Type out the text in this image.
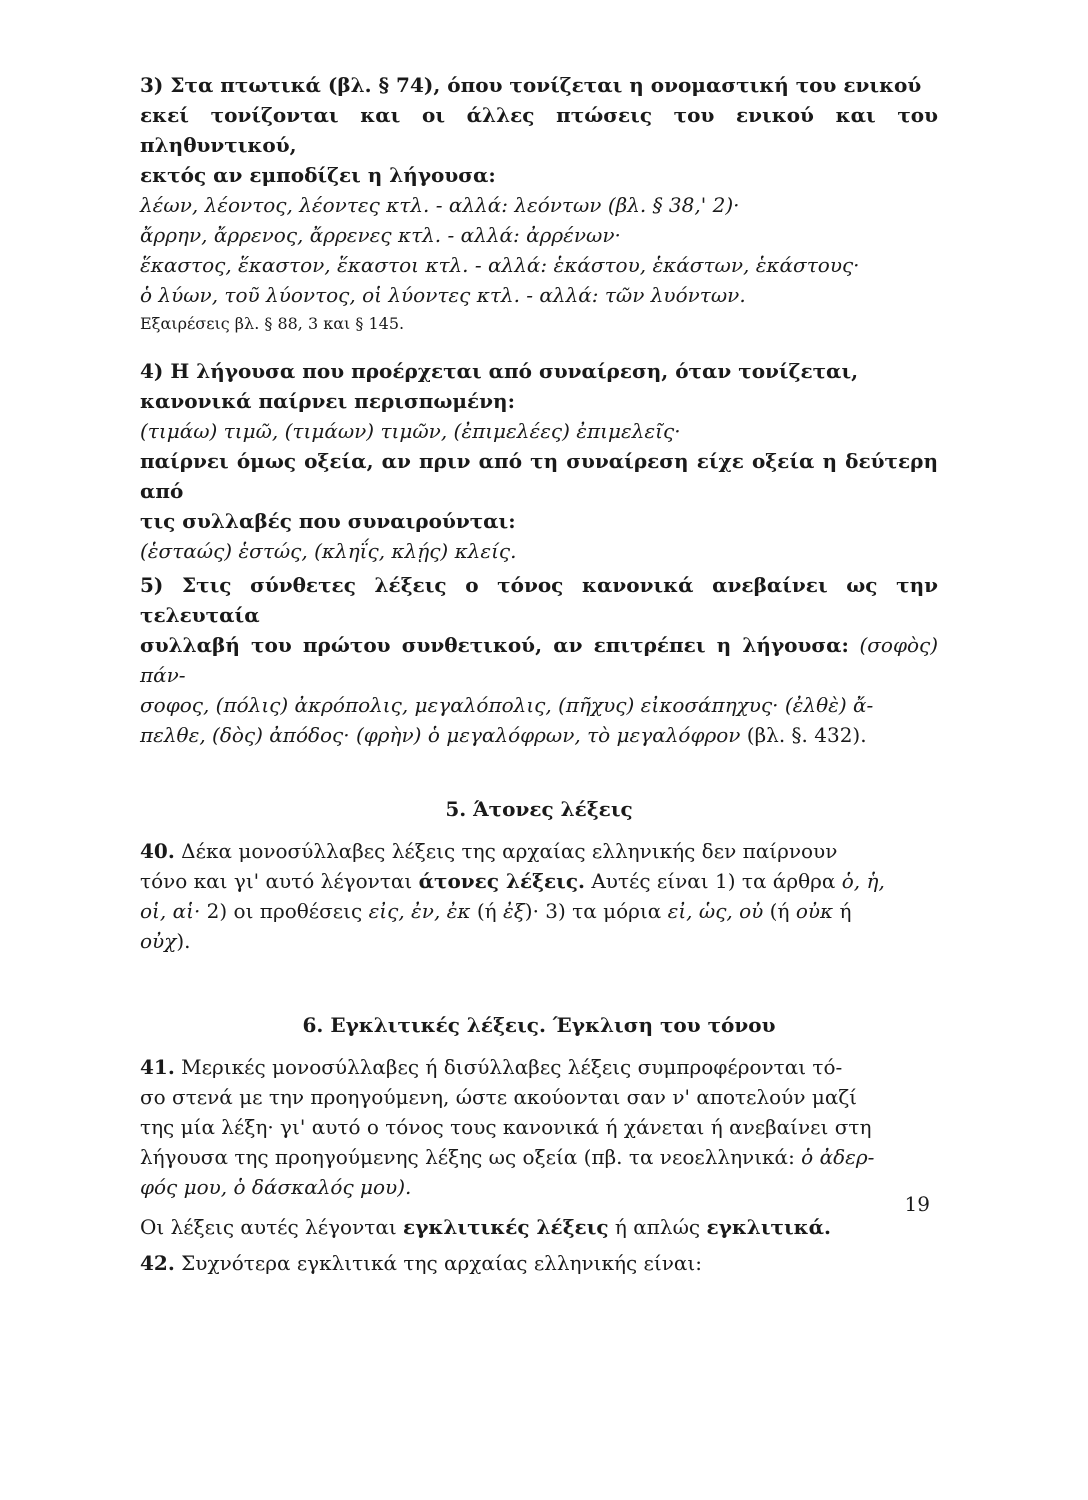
3) Στα πτωτικά (βλ. § 74), όπου τονίζεται η ονομαστική του ενικού

εκεί τονίζονται και οι άλλες πτώσεις του ενικού και του πληθυντικού,

εκτός αν εμποδίζει η λήγουσα:

λέων, λέοντος, λέοντες κτλ. - αλλά: λεόντων (βλ. § 38,' 2)·

ἄρρην, ἄρρενος, ἄρρενες κτλ. - αλλά: ἀρρένων·

ἕκαστος, ἕκαστον, ἕκαστοι κτλ. - αλλά: ἑκάστου, ἑκάστων, ἑκάστους·

ὁ λύων, τοῦ λύοντος, οἱ λύοντες κτλ. - αλλά: τῶν λυόντων.

Εξαιρέσεις βλ. § 88, 3 και § 145.

4) Η λήγουσα που προέρχεται από συναίρεση, όταν τονίζεται,

κανονικά παίρνει περισπωμένη:

(τιμάω) τιμῶ, (τιμάων) τιμῶν, (ἐπιμελέες) ἐπιμελεῖς·

παίρνει όμως οξεία, αν πριν από τη συναίρεση είχε οξεία η δεύτερη από

τις συλλαβές που συναιρούνται:

(ἑσταώς) ἑστώς, (κληΐς, κλῄς) κλείς.

5) Στις σύνθετες λέξεις ο τόνος κανονικά ανεβαίνει ως την τελευταία

συλλαβή του πρώτου συνθετικού, αν επιτρέπει η λήγουσα: (σοφὸς) πάν-

σοφος, (πόλις) ἀκρόπολις, μεγαλόπολις, (πῆχυς) εἰκοσάπηχυς· (ἐλθὲ) ἄ-

πελθε, (δὸς) ἀπόδος· (φρὴν) ὁ μεγαλόφρων, τὸ μεγαλόφρον (βλ. §. 432).

5. Άτονες λέξεις

40. Δέκα μονοσύλλαβες λέξεις της αρχαίας ελληνικής δεν παίρνουν

τόνο και γι' αυτό λέγονται άτονες λέξεις. Αυτές είναι 1) τα άρθρα ὁ, ἡ,

οἱ, αἱ· 2) οι προθέσεις εἰς, ἐν, ἐκ (ή ἐξ)· 3) τα μόρια εἰ, ὡς, οὐ (ή οὐκ ή

οὐχ).

6. Εγκλιτικές λέξεις. Έγκλιση του τόνου

41. Μερικές μονοσύλλαβες ή δισύλλαβες λέξεις συμπροφέρονται τό-

σο στενά με την προηγούμενη, ώστε ακούονται σαν ν' αποτελούν μαζί

της μία λέξη· γι' αυτό ο τόνος τους κανονικά ή χάνεται ή ανεβαίνει στη

λήγουσα της προηγούμενης λέξης ως οξεία (πβ. τα νεοελληνικά: ὁ ἀδερ-

φός μου, ὁ δάσκαλός μου).

Οι λέξεις αυτές λέγονται εγκλιτικές λέξεις ή απλώς εγκλιτικά.

42. Συχνότερα εγκλιτικά της αρχαίας ελληνικής είναι:

19
